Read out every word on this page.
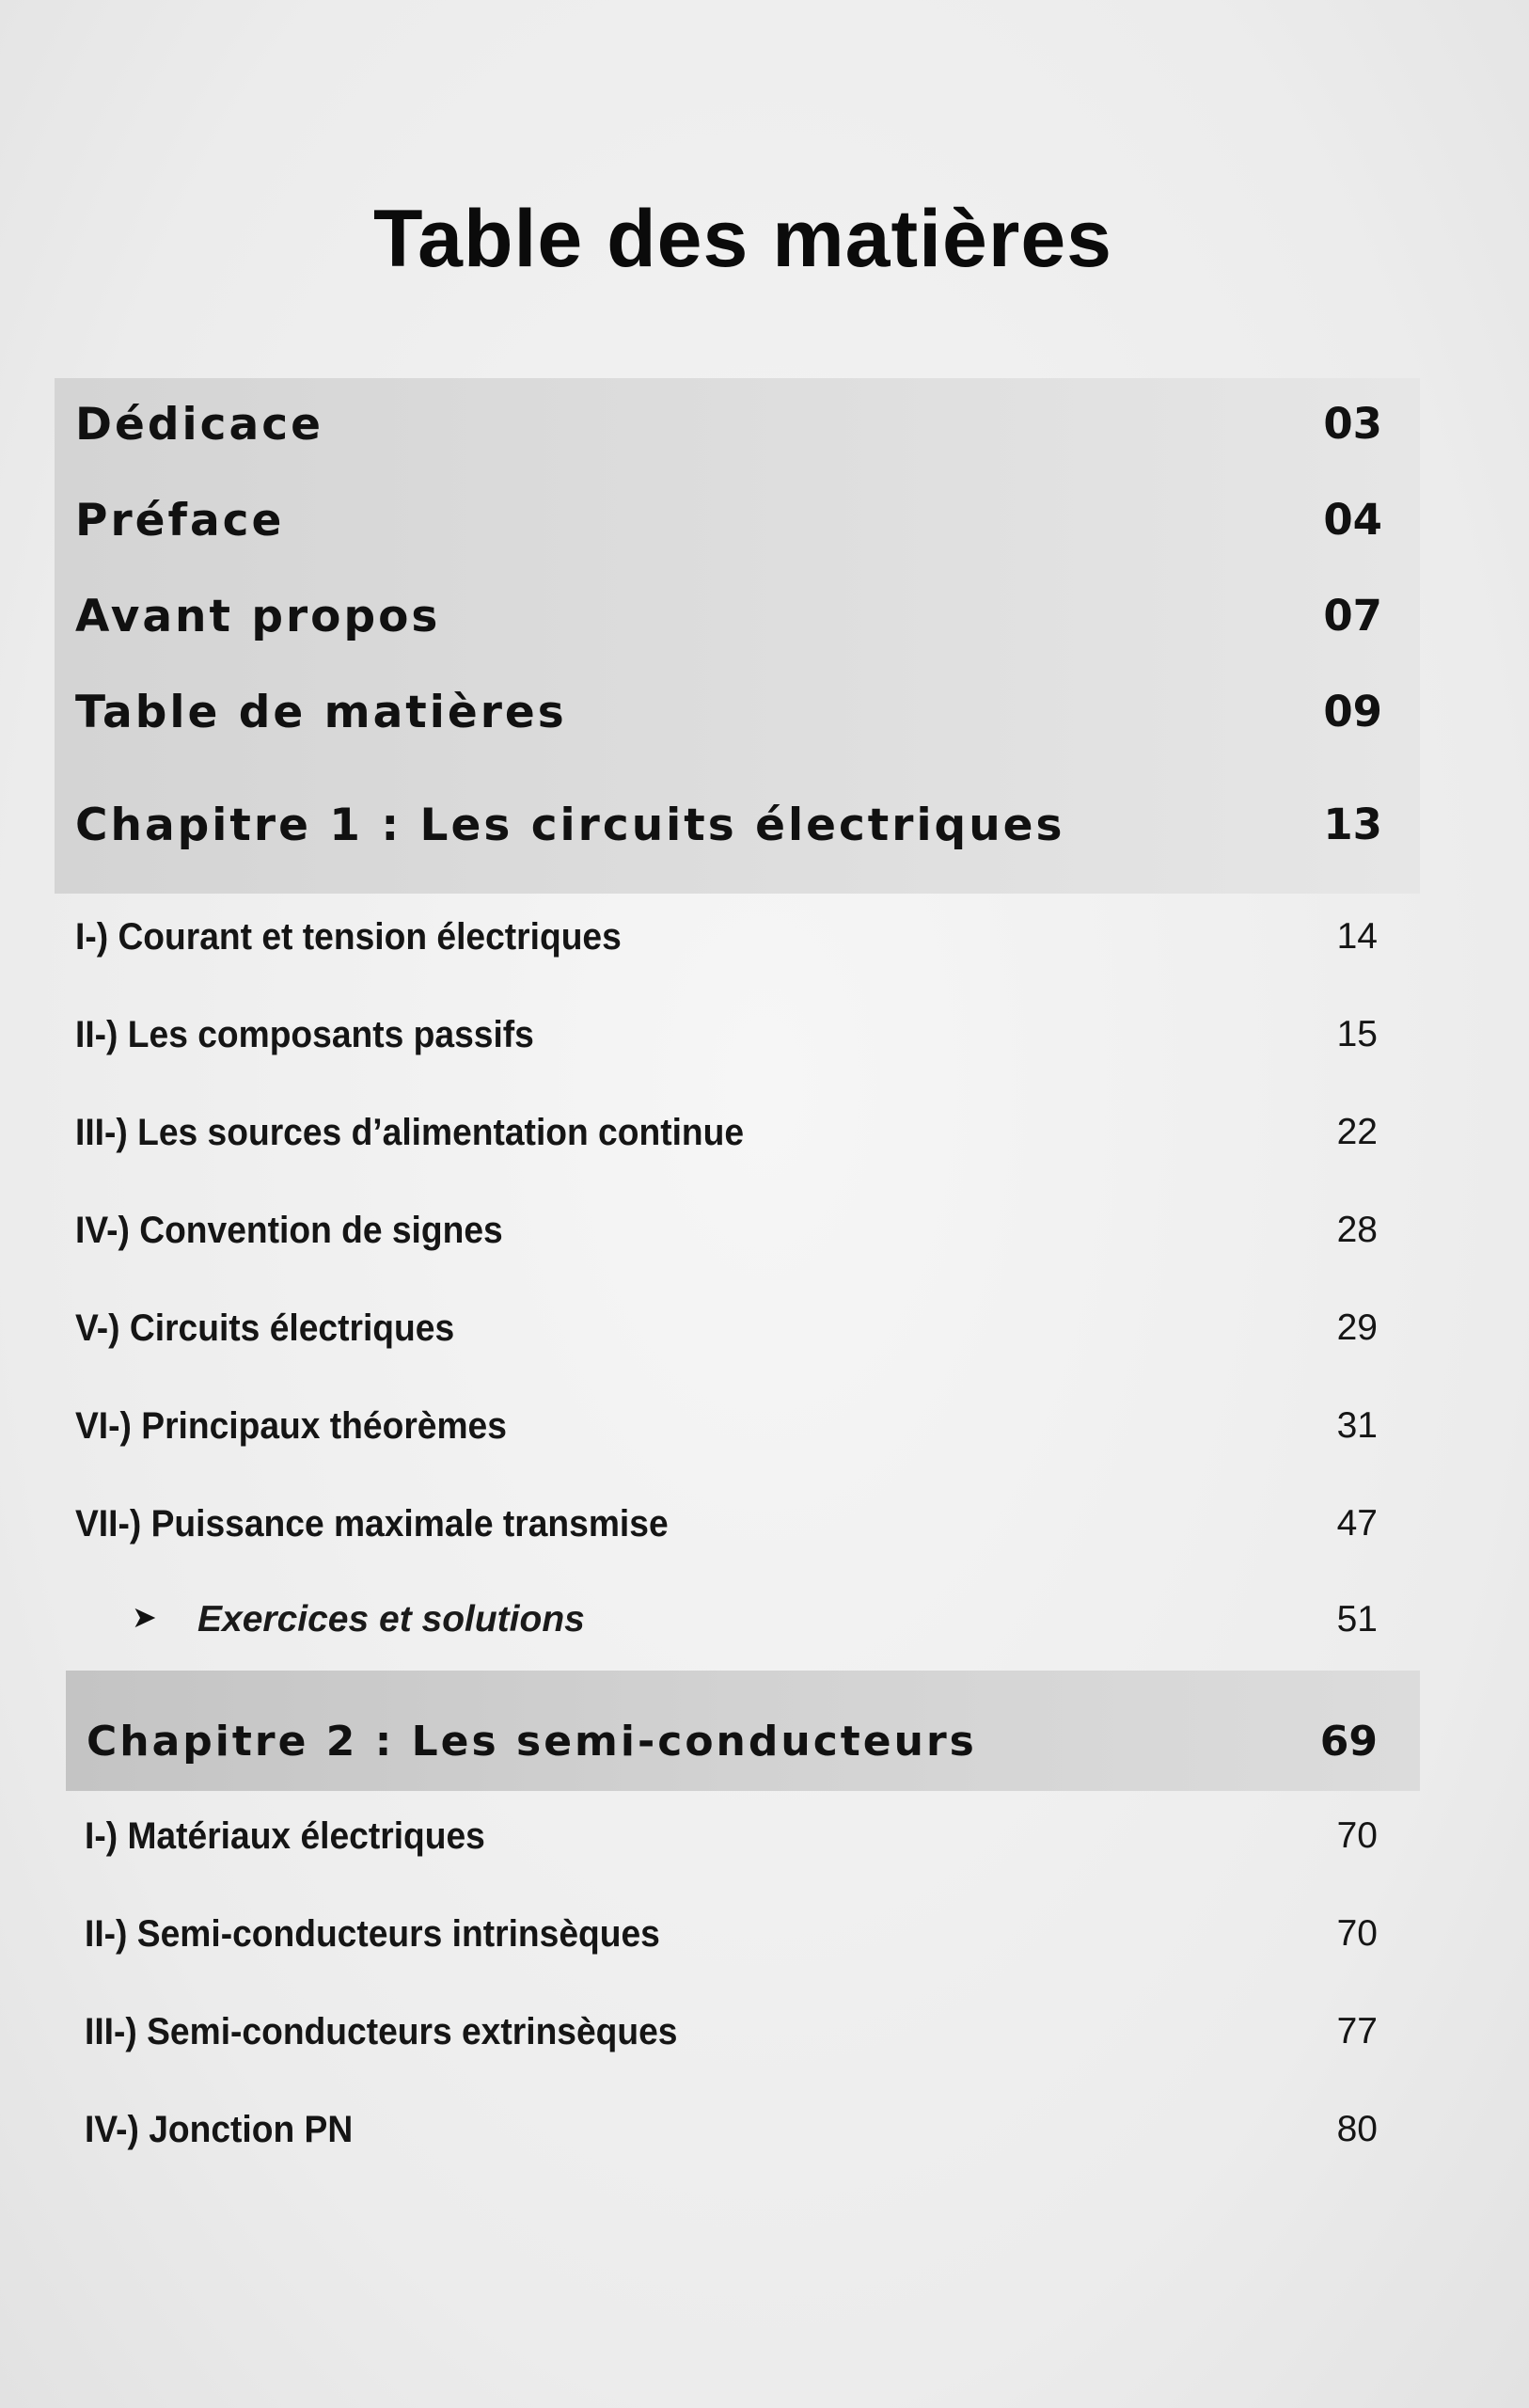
Table des matières
Dédicace	03
Préface	04
Avant propos	07
Table de matières	09
Chapitre 1 : Les circuits électriques	13
I-) Courant et tension électriques	14
II-) Les composants passifs	15
III-) Les sources d’alimentation continue	22
IV-) Convention de signes	28
V-) Circuits électriques	29
VI-) Principaux théorèmes	31
VII-) Puissance maximale transmise	47
➤ Exercices et solutions	51
Chapitre 2 : Les semi-conducteurs	69
I-) Matériaux électriques	70
II-) Semi-conducteurs intrinsèques	70
III-) Semi-conducteurs extrinsèques	77
IV-) Jonction PN	80
